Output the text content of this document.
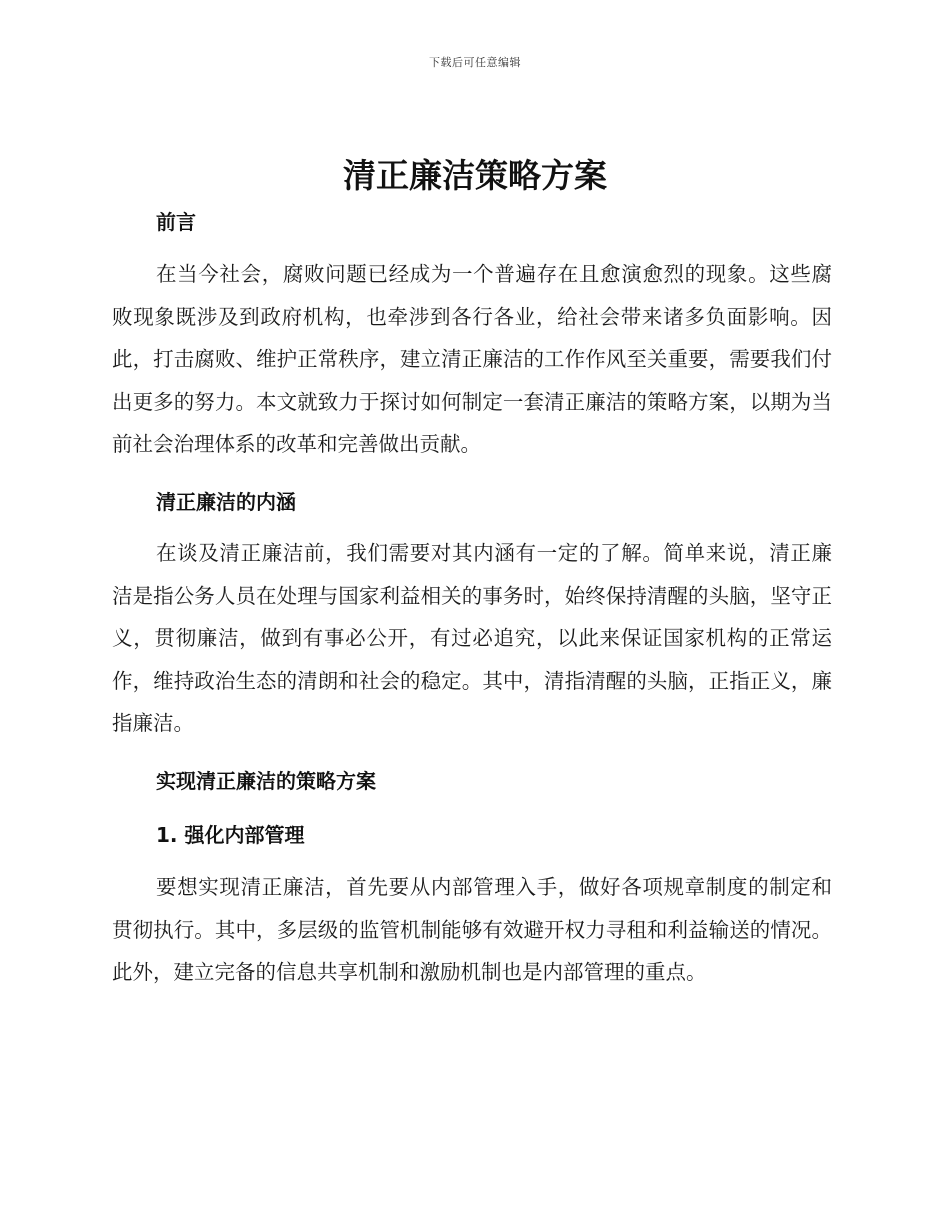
下载后可任意编辑
清正廉洁策略方案
前言

在当今社会，腐败问题已经成为一个普遍存在且愈演愈烈的现象。这些腐败现象既涉及到政府机构，也牵涉到各行各业，给社会带来诸多负面影响。因此，打击腐败、维护正常秩序，建立清正廉洁的工作作风至关重要，需要我们付出更多的努力。本文就致力于探讨如何制定一套清正廉洁的策略方案，以期为当前社会治理体系的改革和完善做出贡献。

清正廉洁的内涵

在谈及清正廉洁前，我们需要对其内涵有一定的了解。简单来说，清正廉洁是指公务人员在处理与国家利益相关的事务时，始终保持清醒的头脑，坚守正义，贯彻廉洁，做到有事必公开，有过必追究，以此来保证国家机构的正常运作，维持政治生态的清朗和社会的稳定。其中，清指清醒的头脑，正指正义，廉指廉洁。

实现清正廉洁的策略方案
1. 强化内部管理

要想实现清正廉洁，首先要从内部管理入手，做好各项规章制度的制定和贯彻执行。其中，多层级的监管机制能够有效避开权力寻租和利益输送的情况。此外，建立完备的信息共享机制和激励机制也是内部管理的重点。
